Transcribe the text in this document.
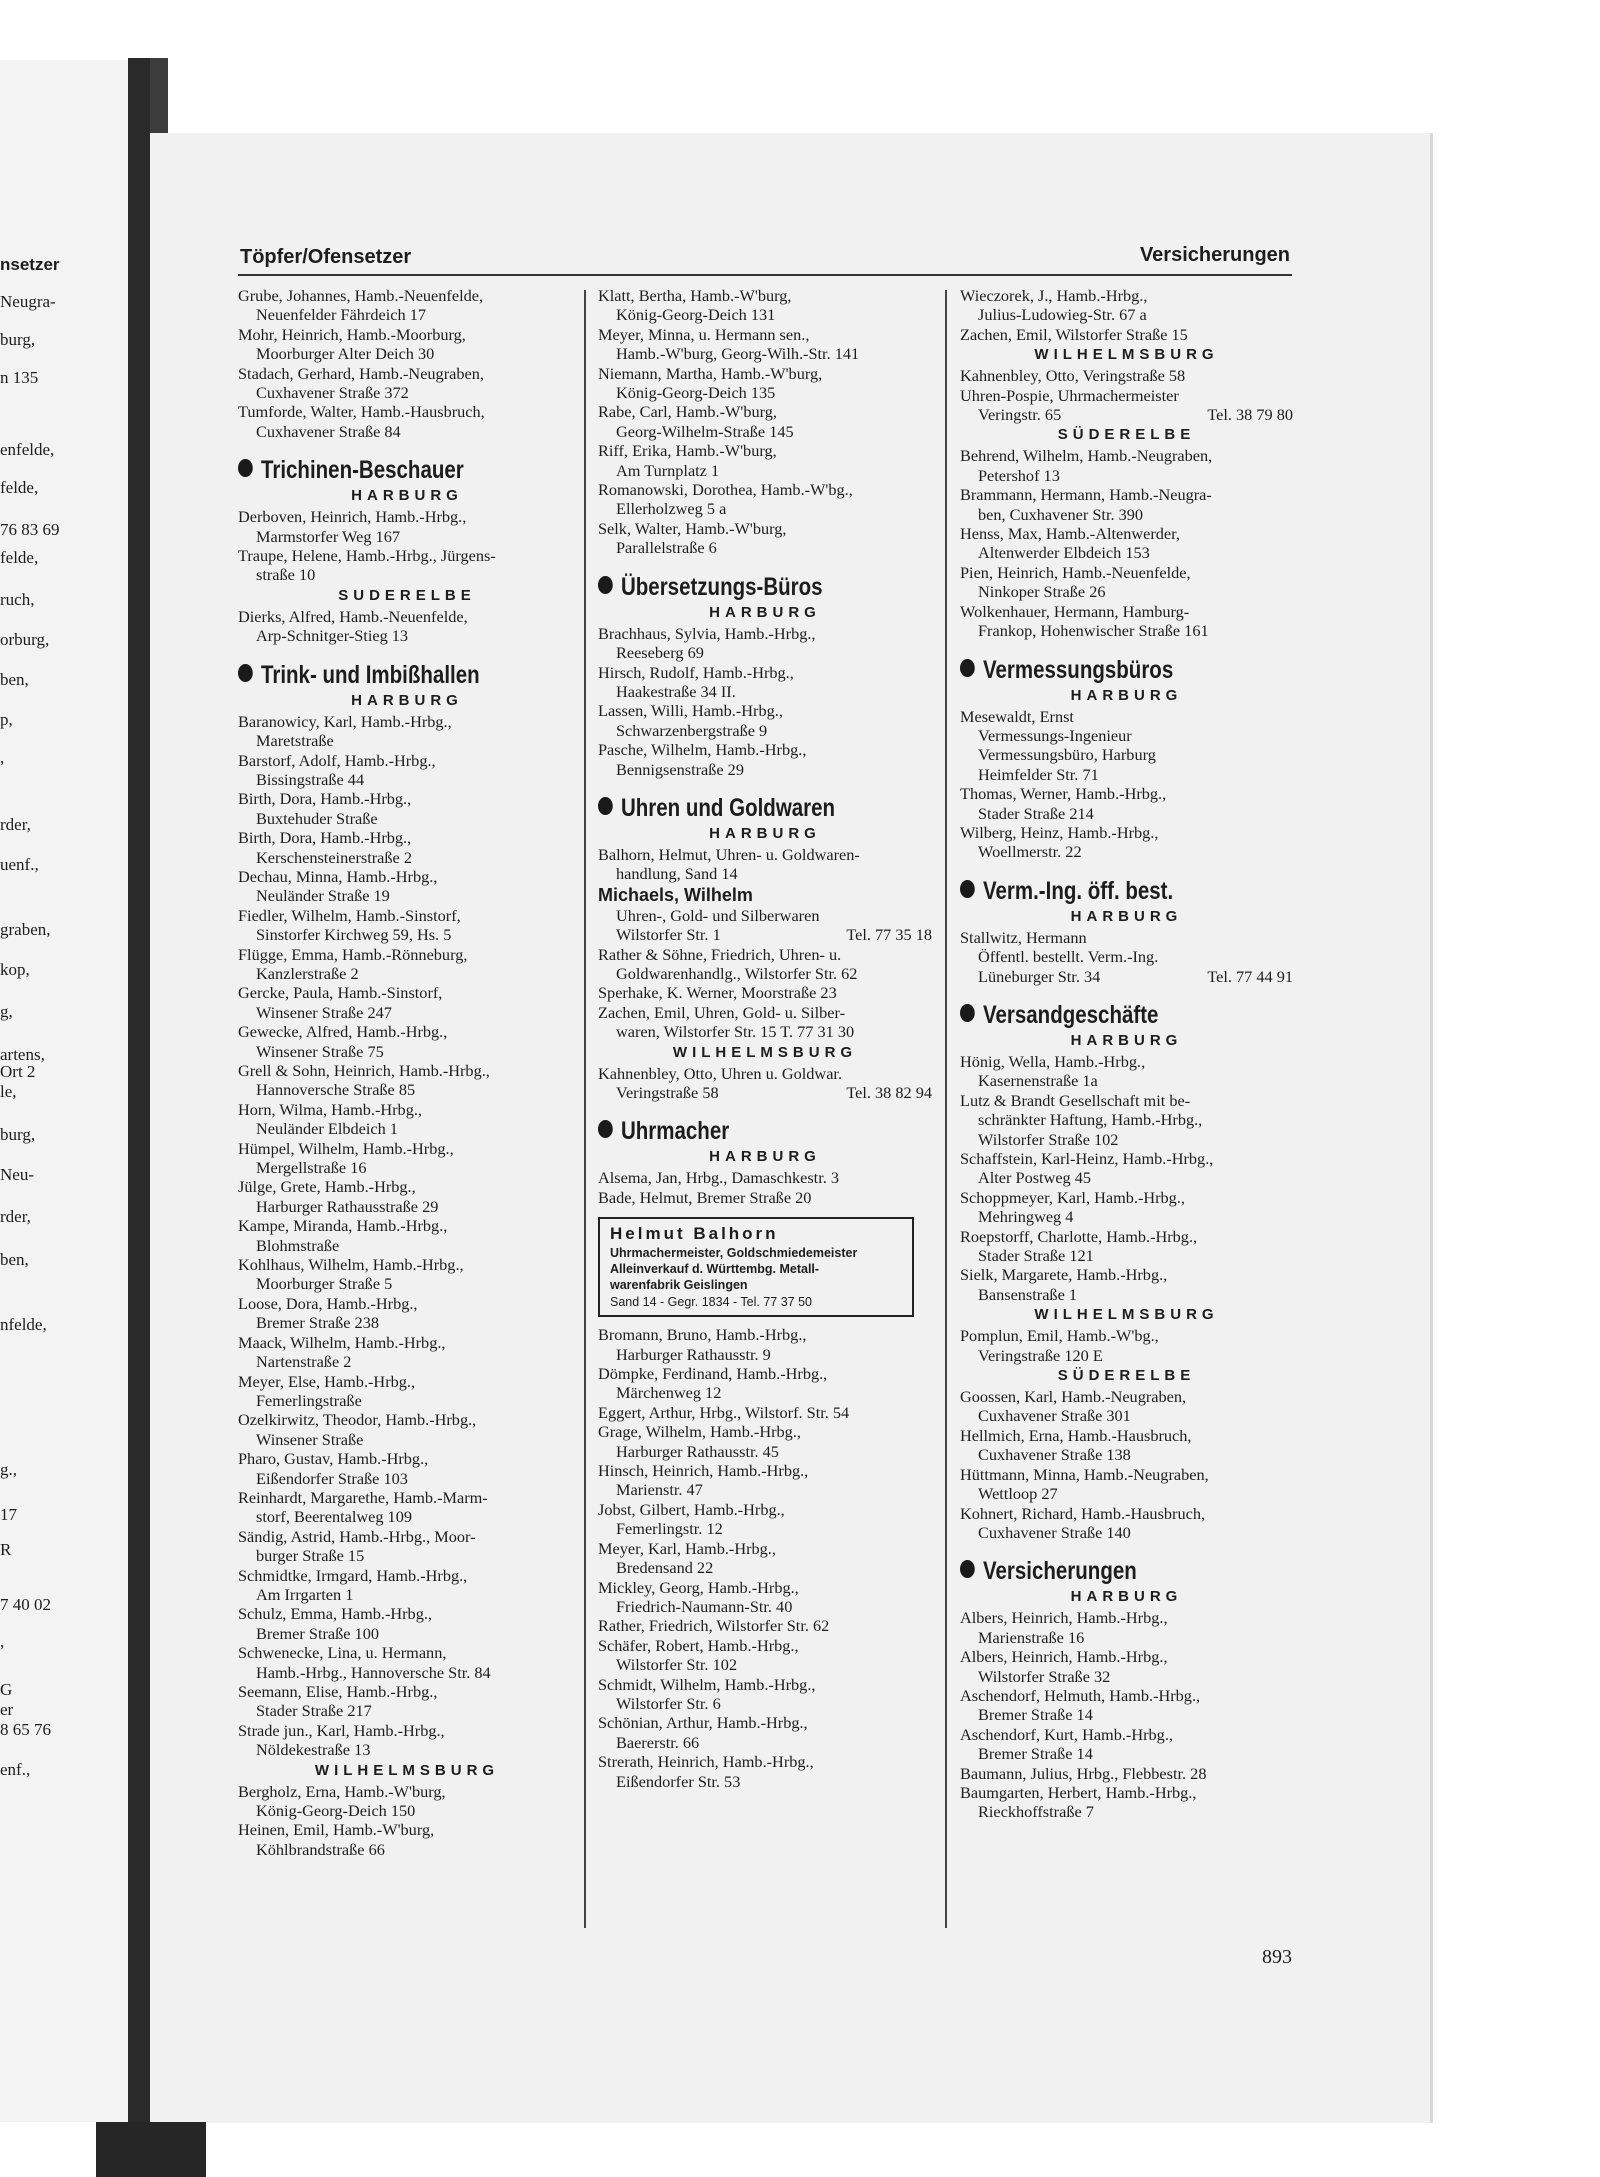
nsetzer
Neugra-
burg,
n 135
enfelde,
felde,
76 83 69
felde,
ruch,
orburg,
ben,
p,
,
rder,
uenf.,
graben,
kop,
g,
artens,
Ort 2
le,
burg,
Neu-
rder,
ben,
nfelde,
g.,
17
R
7 40 02
,
G
er
8 65 76
enf.,
Töpfer/Ofensetzer	Versicherungen
Grube, Johannes, Hamb.-Neuenfelde,
Neuenfelder Fährdeich 17
Mohr, Heinrich, Hamb.-Moorburg,
Moorburger Alter Deich 30
Stadach, Gerhard, Hamb.-Neugraben,
Cuxhavener Straße 372
Tumforde, Walter, Hamb.-Hausbruch,
Cuxhavener Straße 84
Trichinen-Beschauer
HARBURG
Derboven, Heinrich, Hamb.-Hrbg.,
Marmstorfer Weg 167
Traupe, Helene, Hamb.-Hrbg., Jürgens-
straße 10
SUDERELBE
Dierks, Alfred, Hamb.-Neuenfelde,
Arp-Schnitger-Stieg 13
Trink- und Imbißhallen
HARBURG
Baranowicy, Karl, Hamb.-Hrbg.,
Maretstraße
Barstorf, Adolf, Hamb.-Hrbg.,
Bissingstraße 44
Birth, Dora, Hamb.-Hrbg.,
Buxtehuder Straße
Birth, Dora, Hamb.-Hrbg.,
Kerschensteinerstraße 2
Dechau, Minna, Hamb.-Hrbg.,
Neuländer Straße 19
Fiedler, Wilhelm, Hamb.-Sinstorf,
Sinstorfer Kirchweg 59, Hs. 5
Flügge, Emma, Hamb.-Rönneburg,
Kanzlerstraße 2
Gercke, Paula, Hamb.-Sinstorf,
Winsener Straße 247
Gewecke, Alfred, Hamb.-Hrbg.,
Winsener Straße 75
Grell & Sohn, Heinrich, Hamb.-Hrbg.,
Hannoversche Straße 85
Horn, Wilma, Hamb.-Hrbg.,
Neuländer Elbdeich 1
Hümpel, Wilhelm, Hamb.-Hrbg.,
Mergellstraße 16
Jülge, Grete, Hamb.-Hrbg.,
Harburger Rathausstraße 29
Kampe, Miranda, Hamb.-Hrbg.,
Blohmstraße
Kohlhaus, Wilhelm, Hamb.-Hrbg.,
Moorburger Straße 5
Loose, Dora, Hamb.-Hrbg.,
Bremer Straße 238
Maack, Wilhelm, Hamb.-Hrbg.,
Nartenstraße 2
Meyer, Else, Hamb.-Hrbg.,
Femerlingstraße
Ozelkirwitz, Theodor, Hamb.-Hrbg.,
Winsener Straße
Pharo, Gustav, Hamb.-Hrbg.,
Eißendorfer Straße 103
Reinhardt, Margarethe, Hamb.-Marm-
storf, Beerentalweg 109
Sändig, Astrid, Hamb.-Hrbg., Moor-
burger Straße 15
Schmidtke, Irmgard, Hamb.-Hrbg.,
Am Irrgarten 1
Schulz, Emma, Hamb.-Hrbg.,
Bremer Straße 100
Schwenecke, Lina, u. Hermann,
Hamb.-Hrbg., Hannoversche Str. 84
Seemann, Elise, Hamb.-Hrbg.,
Stader Straße 217
Strade jun., Karl, Hamb.-Hrbg.,
Nöldekestraße 13
WILHELMSBURG
Bergholz, Erna, Hamb.-W'burg,
König-Georg-Deich 150
Heinen, Emil, Hamb.-W'burg,
Köhlbrandstraße 66
Klatt, Bertha, Hamb.-W'burg,
König-Georg-Deich 131
Meyer, Minna, u. Hermann sen.,
Hamb.-W'burg, Georg-Wilh.-Str. 141
Niemann, Martha, Hamb.-W'burg,
König-Georg-Deich 135
Rabe, Carl, Hamb.-W'burg,
Georg-Wilhelm-Straße 145
Riff, Erika, Hamb.-W'burg,
Am Turnplatz 1
Romanowski, Dorothea, Hamb.-W'bg.,
Ellerholzweg 5 a
Selk, Walter, Hamb.-W'burg,
Parallelstraße 6
Übersetzungs-Büros
HARBURG
Brachhaus, Sylvia, Hamb.-Hrbg.,
Reeseberg 69
Hirsch, Rudolf, Hamb.-Hrbg.,
Haakestraße 34 II.
Lassen, Willi, Hamb.-Hrbg.,
Schwarzenbergstraße 9
Pasche, Wilhelm, Hamb.-Hrbg.,
Bennigsenstraße 29
Uhren und Goldwaren
HARBURG
Balhorn, Helmut, Uhren- u. Goldwaren-
handlung, Sand 14
Michaels, Wilhelm
Uhren-, Gold- und Silberwaren
Wilstorfer Str. 1	Tel. 77 35 18
Rather & Söhne, Friedrich, Uhren- u.
Goldwarenhandlg., Wilstorfer Str. 62
Sperhake, K. Werner, Moorstraße 23
Zachen, Emil, Uhren, Gold- u. Silber-
waren, Wilstorfer Str. 15 T. 77 31 30
WILHELMSBURG
Kahnenbley, Otto, Uhren u. Goldwar.
Veringstraße 58	Tel. 38 82 94
Uhrmacher
HARBURG
Alsema, Jan, Hrbg., Damaschkestr. 3
Bade, Helmut, Bremer Straße 20
Helmut Balhorn
Uhrmachermeister, Goldschmiedemeister
Alleinverkauf d. Württembg. Metall-
warenfabrik Geislingen
Sand 14 - Gegr. 1834 - Tel. 77 37 50
Bromann, Bruno, Hamb.-Hrbg.,
Harburger Rathausstr. 9
Dömpke, Ferdinand, Hamb.-Hrbg.,
Märchenweg 12
Eggert, Arthur, Hrbg., Wilstorf. Str. 54
Grage, Wilhelm, Hamb.-Hrbg.,
Harburger Rathausstr. 45
Hinsch, Heinrich, Hamb.-Hrbg.,
Marienstr. 47
Jobst, Gilbert, Hamb.-Hrbg.,
Femerlingstr. 12
Meyer, Karl, Hamb.-Hrbg.,
Bredensand 22
Mickley, Georg, Hamb.-Hrbg.,
Friedrich-Naumann-Str. 40
Rather, Friedrich, Wilstorfer Str. 62
Schäfer, Robert, Hamb.-Hrbg.,
Wilstorfer Str. 102
Schmidt, Wilhelm, Hamb.-Hrbg.,
Wilstorfer Str. 6
Schönian, Arthur, Hamb.-Hrbg.,
Baererstr. 66
Strerath, Heinrich, Hamb.-Hrbg.,
Eißendorfer Str. 53
Wieczorek, J., Hamb.-Hrbg.,
Julius-Ludowieg-Str. 67 a
Zachen, Emil, Wilstorfer Straße 15
WILHELMSBURG
Kahnenbley, Otto, Veringstraße 58
Uhren-Pospie, Uhrmachermeister
Veringstr. 65	Tel. 38 79 80
SÜDERELBE
Behrend, Wilhelm, Hamb.-Neugraben,
Petershof 13
Brammann, Hermann, Hamb.-Neugra-
ben, Cuxhavener Str. 390
Henss, Max, Hamb.-Altenwerder,
Altenwerder Elbdeich 153
Pien, Heinrich, Hamb.-Neuenfelde,
Ninkoper Straße 26
Wolkenhauer, Hermann, Hamburg-
Frankop, Hohenwischer Straße 161
Vermessungsbüros
HARBURG
Mesewaldt, Ernst
Vermessungs-Ingenieur
Vermessungsbüro, Harburg
Heimfelder Str. 71
Thomas, Werner, Hamb.-Hrbg.,
Stader Straße 214
Wilberg, Heinz, Hamb.-Hrbg.,
Woellmerstr. 22
Verm.-Ing. öff. best.
HARBURG
Stallwitz, Hermann
Öffentl. bestellt. Verm.-Ing.
Lüneburger Str. 34	Tel. 77 44 91
Versandgeschäfte
HARBURG
Hönig, Wella, Hamb.-Hrbg.,
Kasernenstraße 1a
Lutz & Brandt Gesellschaft mit be-
schränkter Haftung, Hamb.-Hrbg.,
Wilstorfer Straße 102
Schaffstein, Karl-Heinz, Hamb.-Hrbg.,
Alter Postweg 45
Schoppmeyer, Karl, Hamb.-Hrbg.,
Mehringweg 4
Roepstorff, Charlotte, Hamb.-Hrbg.,
Stader Straße 121
Sielk, Margarete, Hamb.-Hrbg.,
Bansenstraße 1
WILHELMSBURG
Pomplun, Emil, Hamb.-W'bg.,
Veringstraße 120 E
SÜDERELBE
Goossen, Karl, Hamb.-Neugraben,
Cuxhavener Straße 301
Hellmich, Erna, Hamb.-Hausbruch,
Cuxhavener Straße 138
Hüttmann, Minna, Hamb.-Neugraben,
Wettloop 27
Kohnert, Richard, Hamb.-Hausbruch,
Cuxhavener Straße 140
Versicherungen
HARBURG
Albers, Heinrich, Hamb.-Hrbg.,
Marienstraße 16
Albers, Heinrich, Hamb.-Hrbg.,
Wilstorfer Straße 32
Aschendorf, Helmuth, Hamb.-Hrbg.,
Bremer Straße 14
Aschendorf, Kurt, Hamb.-Hrbg.,
Bremer Straße 14
Baumann, Julius, Hrbg., Flebbestr. 28
Baumgarten, Herbert, Hamb.-Hrbg.,
Rieckhoffstraße 7
893
